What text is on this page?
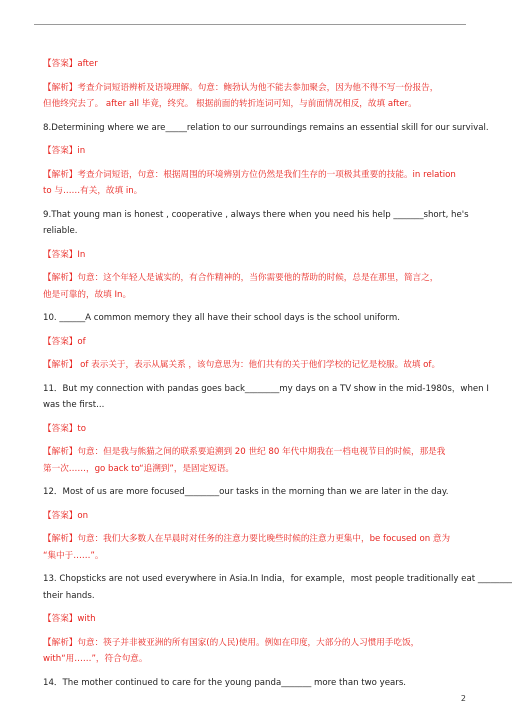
【答案】after
【解析】考查介词短语辨析及语境理解。句意：鲍勃认为他不能去参加聚会，因为他不得不写一份报告，
但他终究去了。 after all 毕竟，终究。 根据前面的转折连词可知，与前面情况相反，故填 after。
8.Determining where we are_____relation to our surroundings remains an essential skill for our survival.
【答案】in
【解析】考查介词短语，句意：根据周围的环境辨别方位仍然是我们生存的一项极其重要的技能。in relation
to 与……有关，故填 in。
9.That young man is honest , cooperative , always there when you need his help _______short, he's
reliable.
【答案】In
【解析】句意：这个年轻人是诚实的，有合作精神的，当你需要他的帮助的时候，总是在那里，简言之，
他是可靠的，故填 In。
10. ______A common memory they all have their school days is the school uniform.
【答案】of
【解析】 of 表示关于，表示从属关系 ，该句意思为：他们共有的关于他们学校的记忆是校服。故填 of。
11．But my connection with pandas goes back________my days on a TV show in the mid-1980s，when I
was the first...
【答案】to
【解析】句意：但是我与熊猫之间的联系要追溯到 20 世纪 80 年代中期我在一档电视节目的时候，那是我
第一次……，go back to“追溯到”，是固定短语。
12．Most of us are more focused________our tasks in the morning than we are later in the day.
【答案】on
【解析】句意：我们大多数人在早晨时对任务的注意力要比晚些时候的注意力更集中，be focused on 意为
“集中于……”。
13. Chopsticks are not used everywhere in Asia.In India，for example，most people traditionally eat ________
their hands.
【答案】with
【解析】句意：筷子并非被亚洲的所有国家(的人民)使用。例如在印度，大部分的人习惯用手吃饭，
with“用……”，符合句意。
14．The mother continued to care for the young panda_______ more than two years.
2
